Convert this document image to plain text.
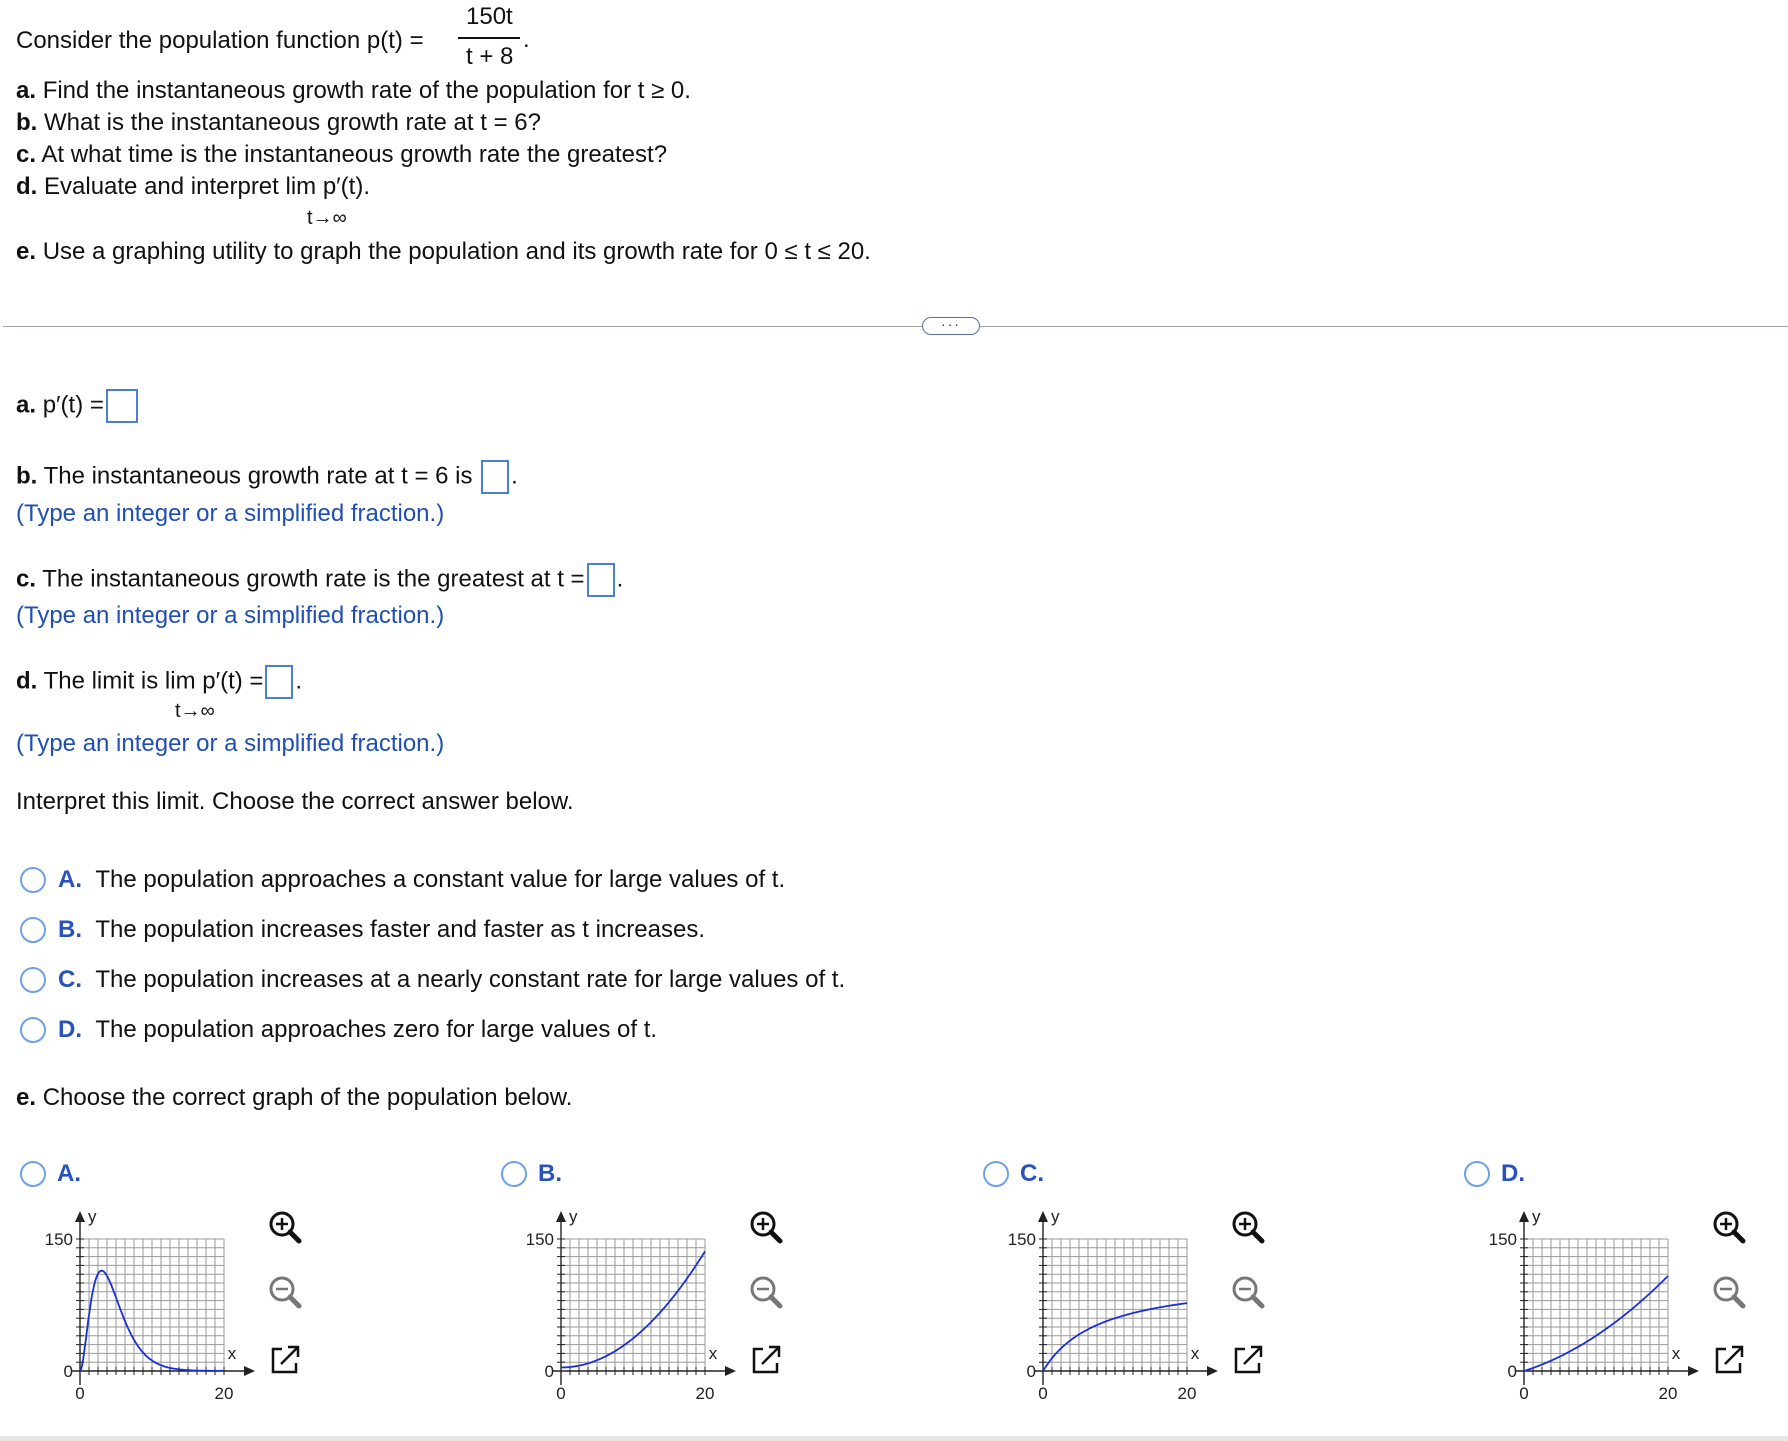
Consider the population function p(t) =
150t
t + 8
.
a. Find the instantaneous growth rate of the population for t ≥ 0.
b. What is the instantaneous growth rate at t = 6?
c. At what time is the instantaneous growth rate the greatest?
d. Evaluate and interpret lim p′(t).
t→∞
e. Use a graphing utility to graph the population and its growth rate for 0 ≤ t ≤ 20.
···
a. p′(t) =
b. The instantaneous growth rate at t = 6 is .
(Type an integer or a simplified fraction.)
c. The instantaneous growth rate is the greatest at t = .
(Type an integer or a simplified fraction.)
d. The limit is lim p′(t) = .
t→∞
(Type an integer or a simplified fraction.)
Interpret this limit. Choose the correct answer below.
A. The population approaches a constant value for large values of t.
B. The population increases faster and faster as t increases.
C. The population increases at a nearly constant rate for large values of t.
D. The population approaches zero for large values of t.
e. Choose the correct graph of the population below.
A.
y
150
0
0	20
x
B.
y
150
0
0	20
x
C.
y
150
0
0	20
x
D.
y
150
0
0	20
x
